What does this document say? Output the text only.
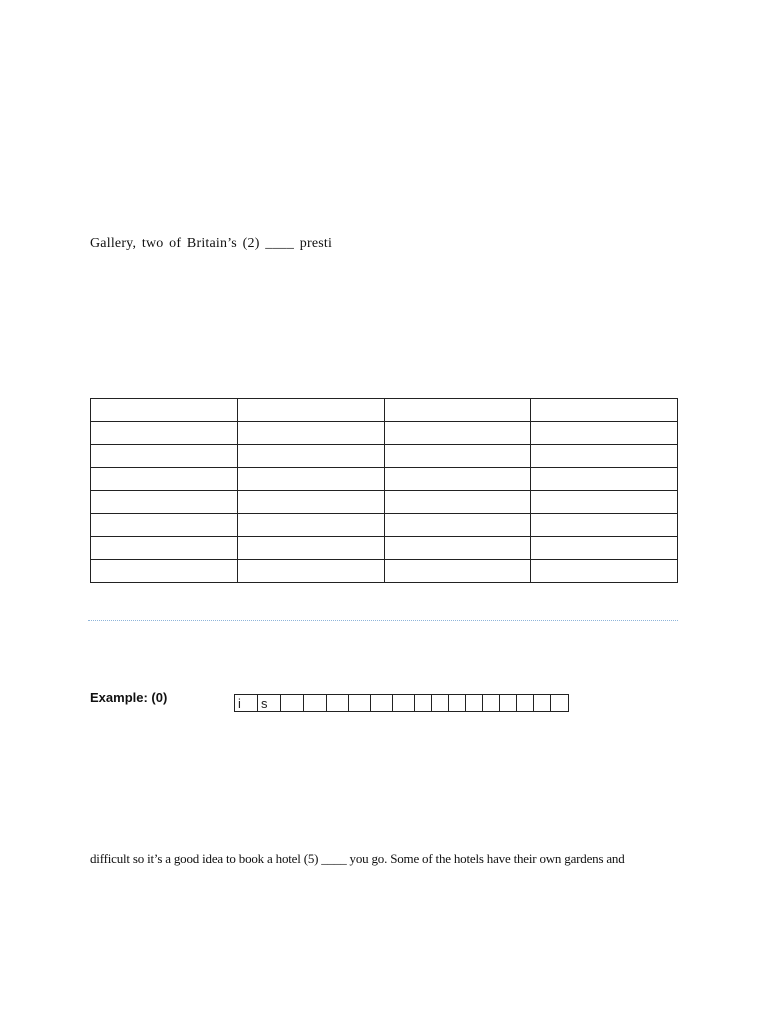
Gallery, two of Britain’s (2) ____ presti

Example: (0)	i	s
difficult so it’s a good idea to book a hotel (5) ____ you go. Some of the hotels have their own gardens and
